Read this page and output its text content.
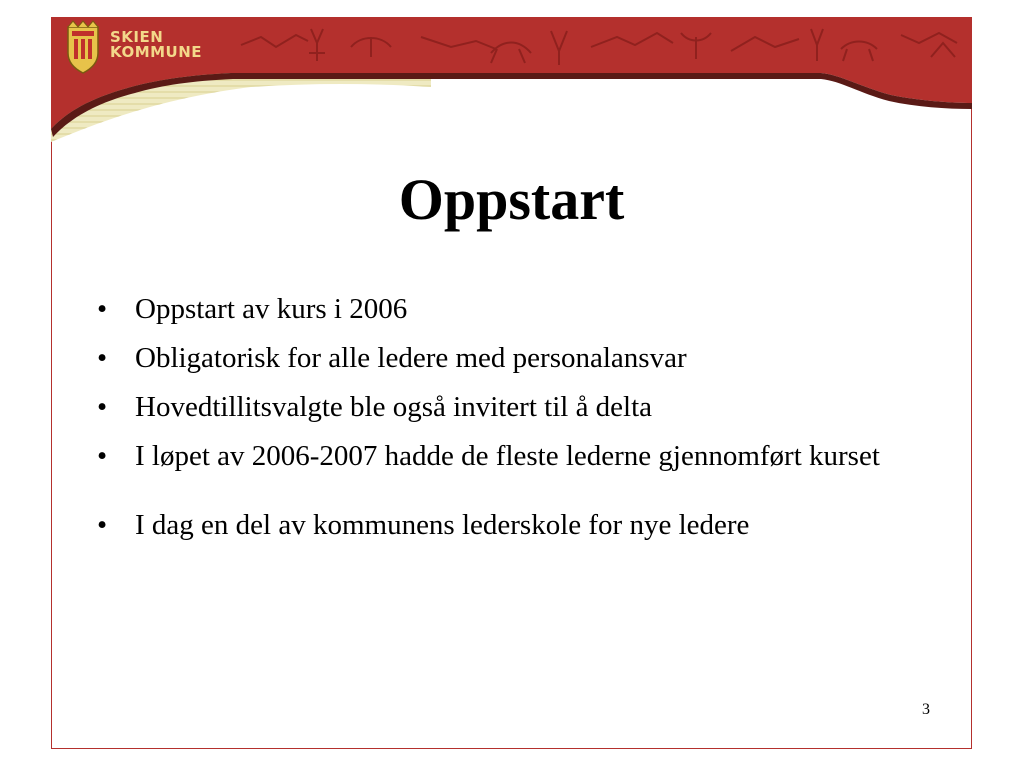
SKIEN
KOMMUNE
Oppstart
• Oppstart av kurs i 2006
• Obligatorisk for alle ledere med personalansvar
• Hovedtillitsvalgte ble også invitert til å delta
• I løpet av 2006-2007 hadde de fleste lederne gjennomført kurset
• I dag en del av kommunens lederskole for nye ledere
3
